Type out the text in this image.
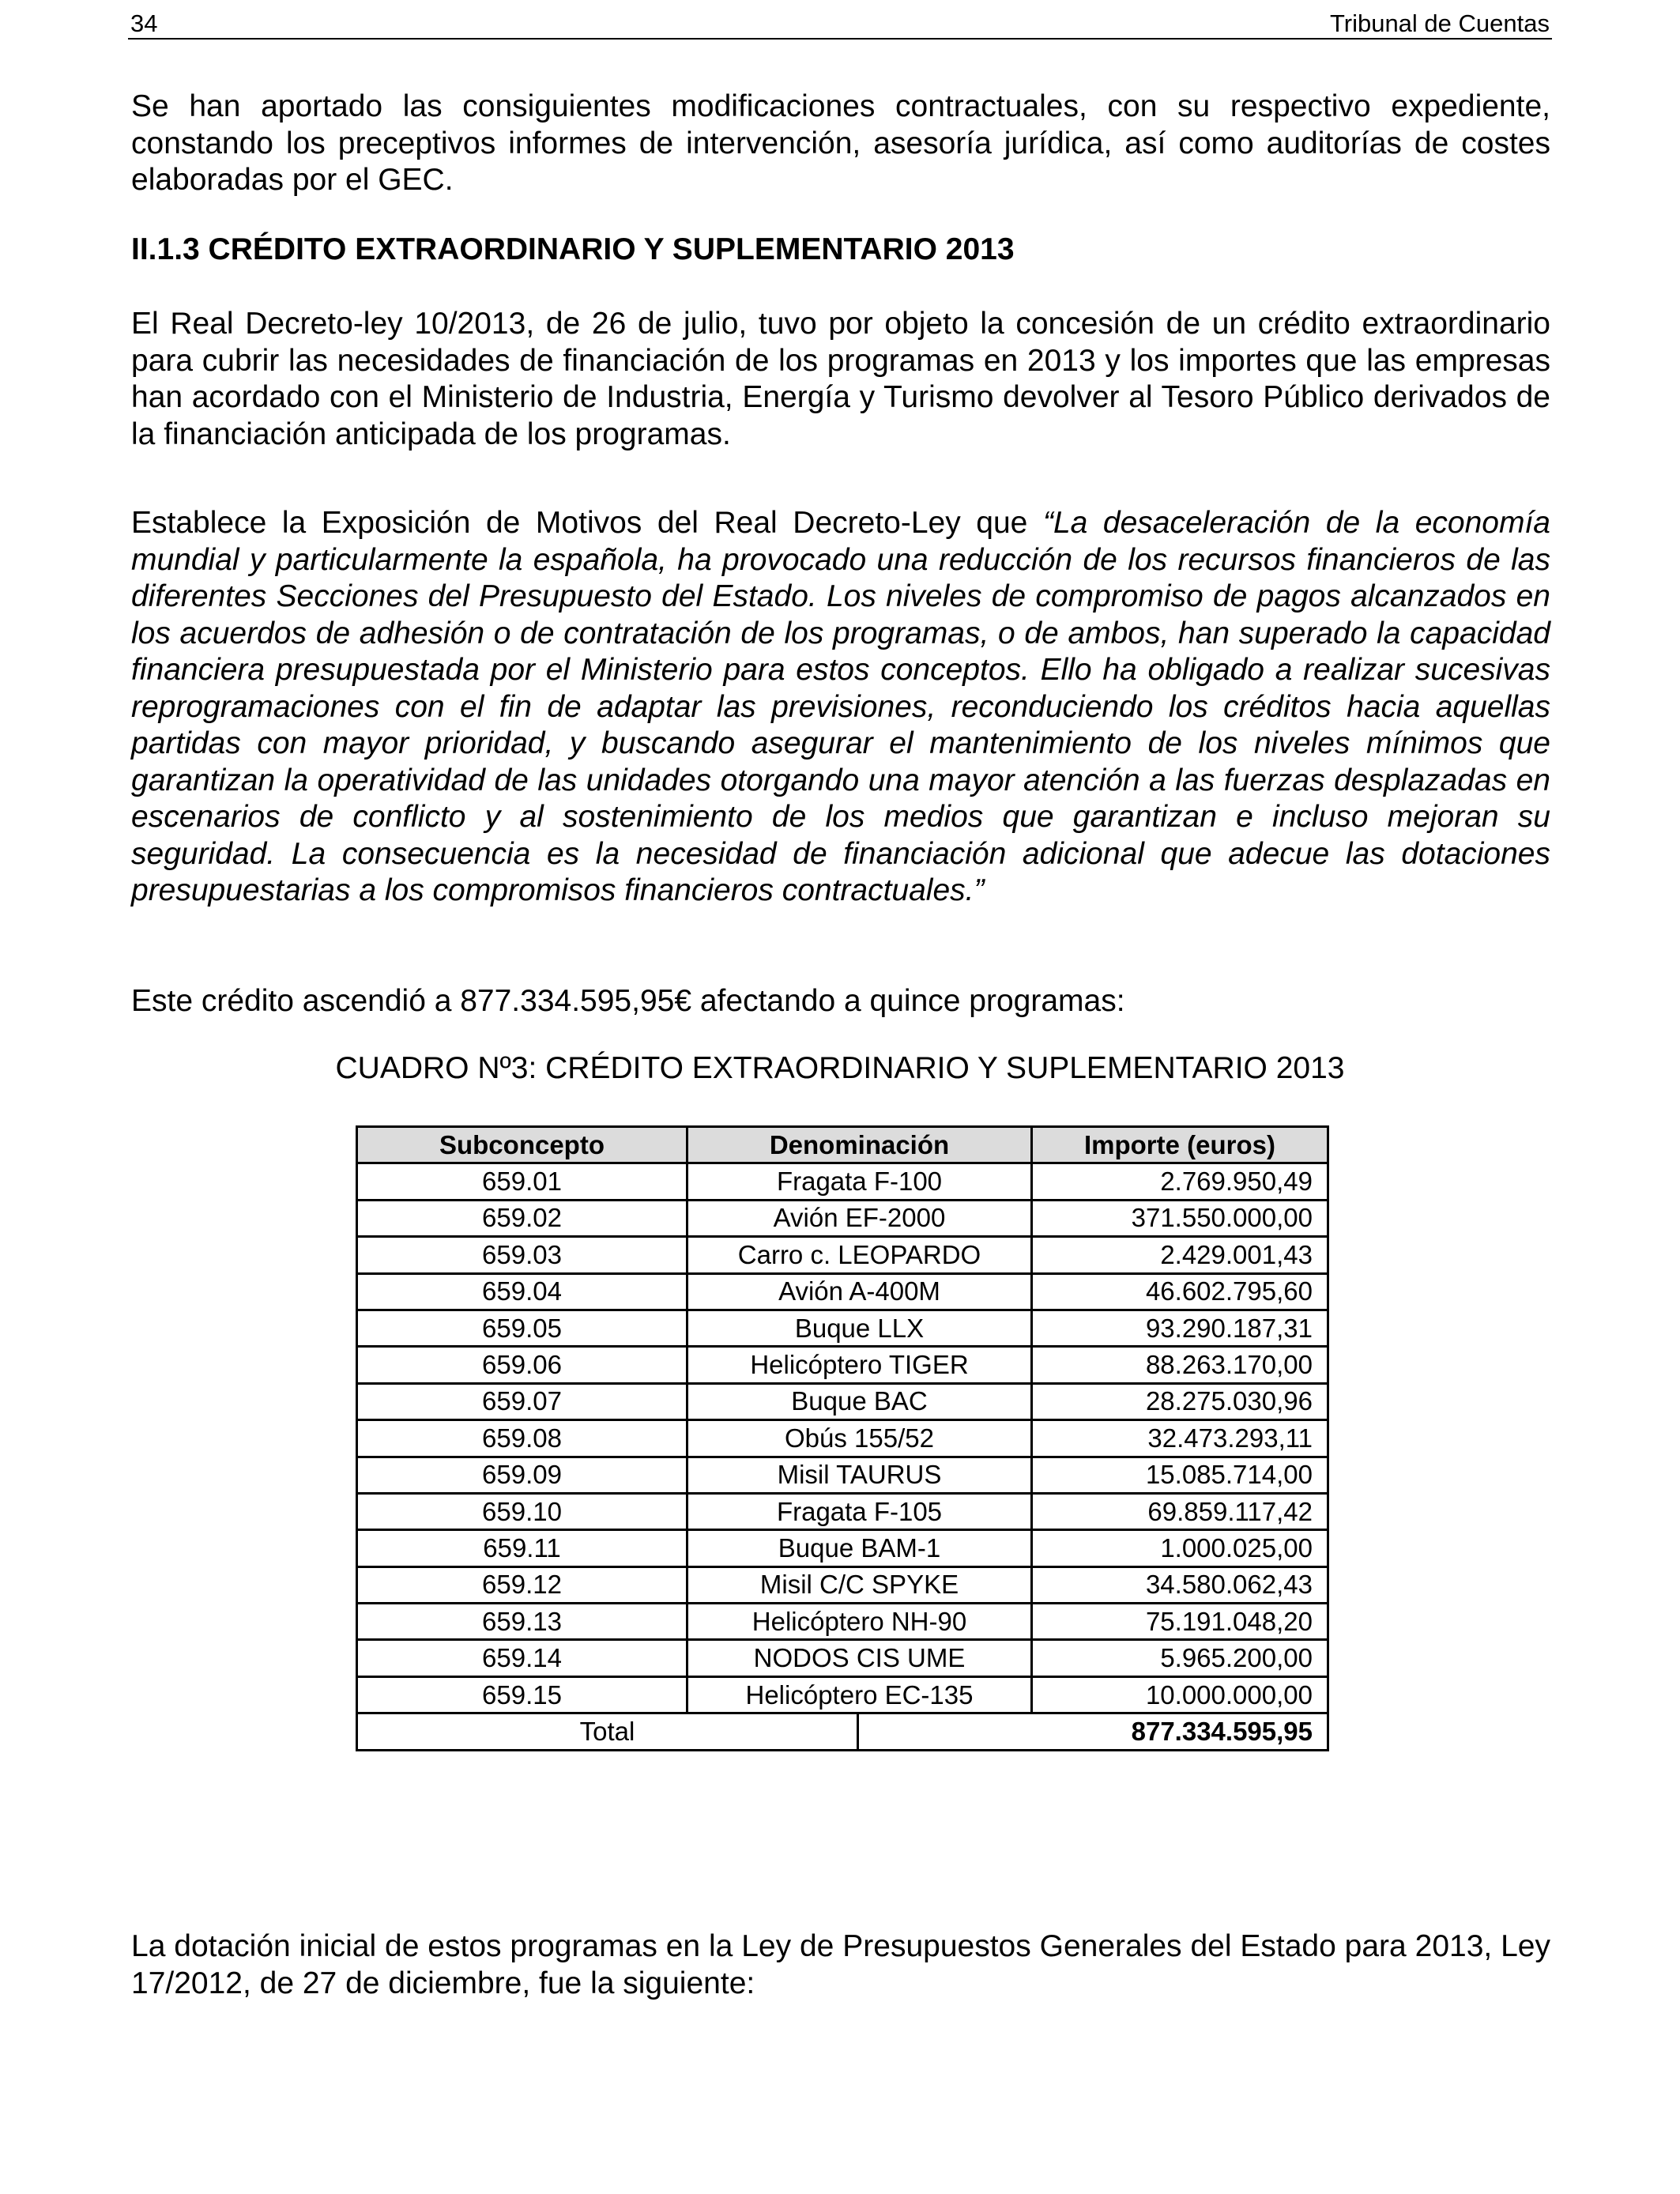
34	Tribunal de Cuentas

Se han aportado las consiguientes modificaciones contractuales, con su respectivo expediente, constando los preceptivos informes de intervención, asesoría jurídica, así como auditorías de costes elaboradas por el GEC.

II.1.3 CRÉDITO EXTRAORDINARIO Y SUPLEMENTARIO 2013

El Real Decreto-ley 10/2013, de 26 de julio, tuvo por objeto la concesión de un crédito extraordinario para cubrir las necesidades de financiación de los programas en 2013 y los importes que las empresas han acordado con el Ministerio de Industria, Energía y Turismo devolver al Tesoro Público derivados de la financiación anticipada de los programas.

Establece la Exposición de Motivos del Real Decreto-Ley que “La desaceleración de la economía mundial y particularmente la española, ha provocado una reducción de los recursos financieros de las diferentes Secciones del Presupuesto del Estado. Los niveles de compromiso de pagos alcanzados en los acuerdos de adhesión o de contratación de los programas, o de ambos, han superado la capacidad financiera presupuestada por el Ministerio para estos conceptos. Ello ha obligado a realizar sucesivas reprogramaciones con el fin de adaptar las previsiones, reconduciendo los créditos hacia aquellas partidas con mayor prioridad, y buscando asegurar el mantenimiento de los niveles mínimos que garantizan la operatividad de las unidades otorgando una mayor atención a las fuerzas desplazadas en escenarios de conflicto y al sostenimiento de los medios que garantizan e incluso mejoran su seguridad. La consecuencia es la necesidad de financiación adicional que adecue las dotaciones presupuestarias a los compromisos financieros contractuales.”

Este crédito ascendió a 877.334.595,95€ afectando a quince programas:

CUADRO Nº3: CRÉDITO EXTRAORDINARIO Y SUPLEMENTARIO 2013

Subconcepto	Denominación		Importe (euros)
659.01	Fragata F-100		2.769.950,49
659.02	Avión EF-2000		371.550.000,00
659.03	Carro c. LEOPARDO		2.429.001,43
659.04	Avión A-400M		46.602.795,60
659.05	Buque LLX		93.290.187,31
659.06	Helicóptero TIGER		88.263.170,00
659.07	Buque BAC		28.275.030,96
659.08	Obús 155/52		32.473.293,11
659.09	Misil TAURUS		15.085.714,00
659.10	Fragata F-105		69.859.117,42
659.11	Buque BAM-1		1.000.025,00
659.12	Misil C/C SPYKE		34.580.062,43
659.13	Helicóptero NH-90		75.191.048,20
659.14	NODOS CIS UME		5.965.200,00
659.15	Helicóptero EC-135		10.000.000,00
Total		877.334.595,95	

La dotación inicial de estos programas en la Ley de Presupuestos Generales del Estado para 2013, Ley 17/2012, de 27 de diciembre, fue la siguiente:
